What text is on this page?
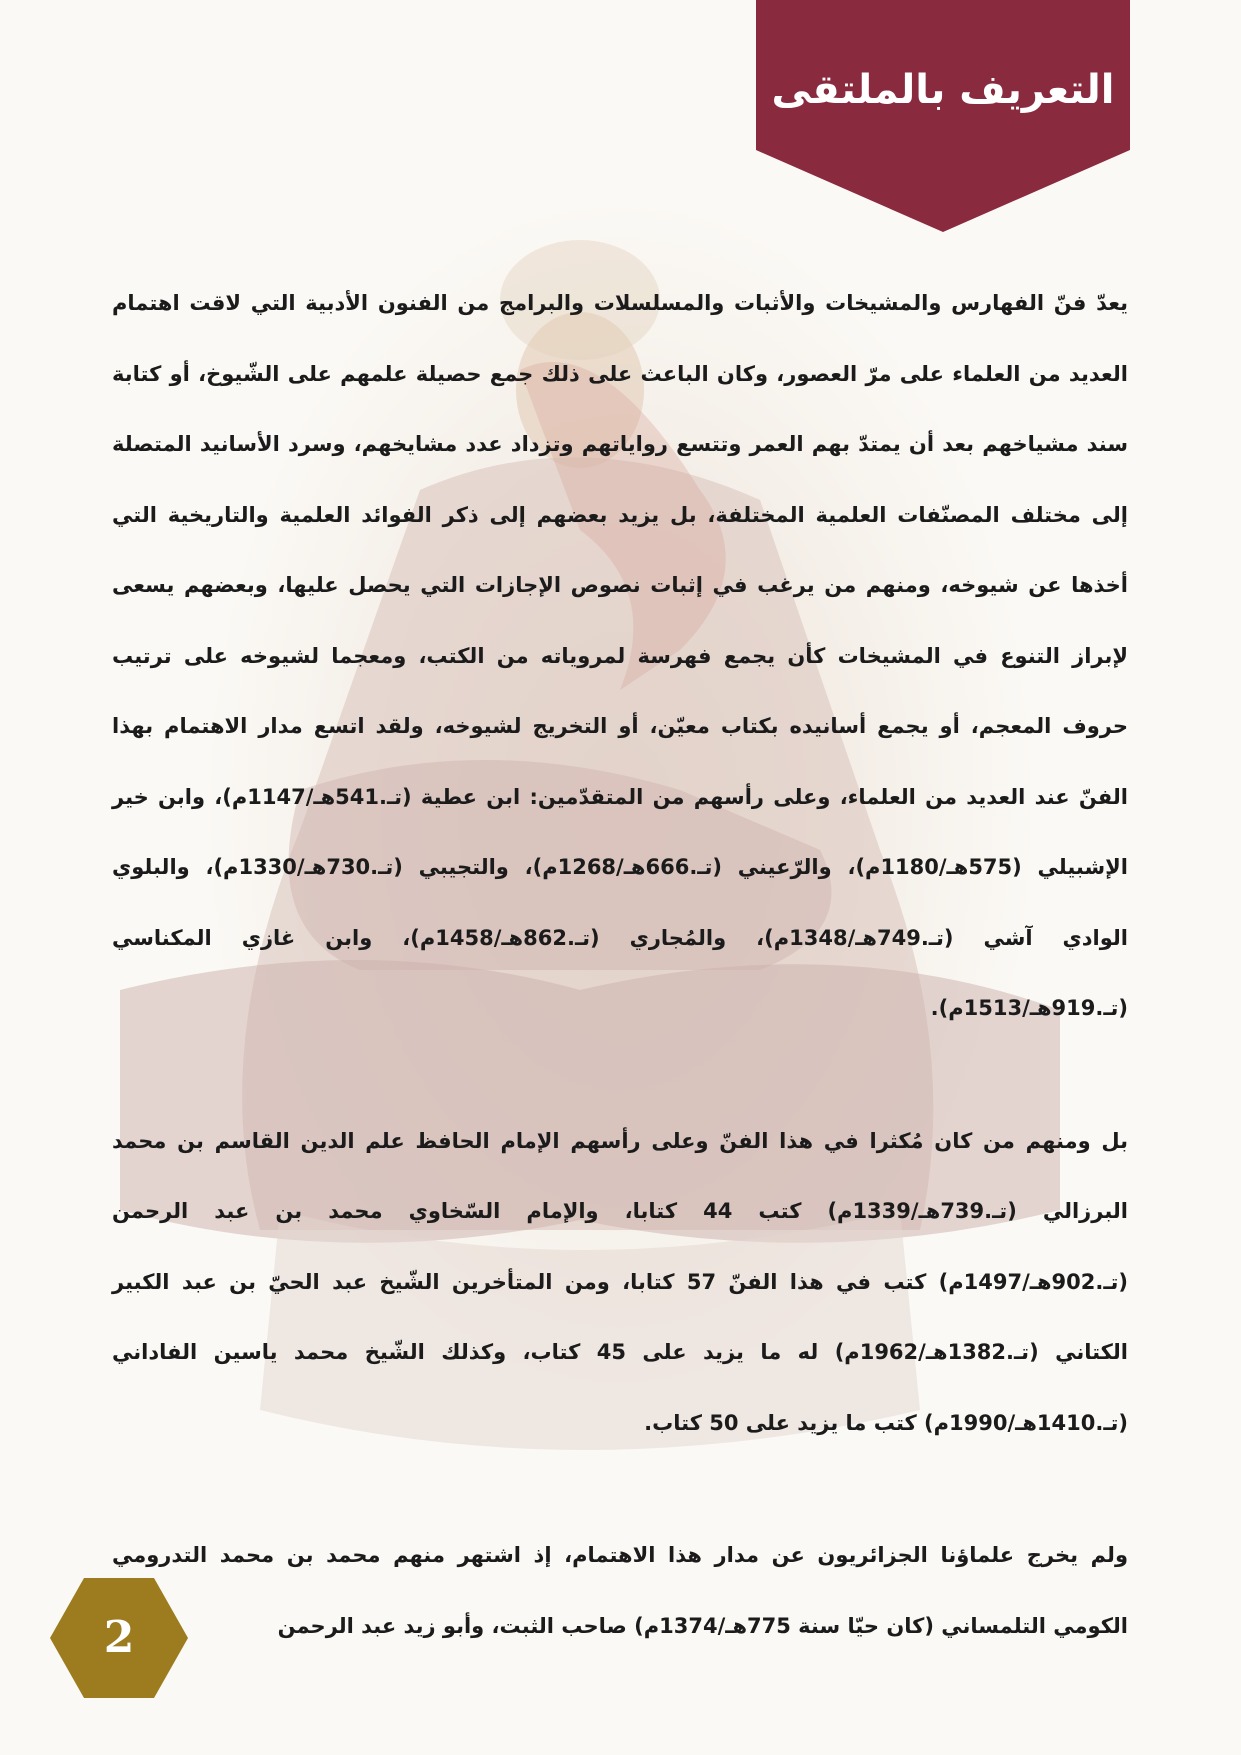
التعريف بالملتقى

يعدّ فنّ الفهارس والمشيخات والأثبات والمسلسلات والبرامج من الفنون الأدبية التي لاقت اهتمام العديد من العلماء على مرّ العصور، وكان الباعث على ذلك جمع حصيلة علمهم على الشّيوخ، أو كتابة سند مشياخهم بعد أن يمتدّ بهم العمر وتتسع رواياتهم وتزداد عدد مشايخهم، وسرد الأسانيد المتصلة إلى مختلف المصنّفات العلمية المختلفة، بل يزيد بعضهم إلى ذكر الفوائد العلمية والتاريخية التي أخذها عن شيوخه، ومنهم من يرغب في إثبات نصوص الإجازات التي يحصل عليها، وبعضهم يسعى لإبراز التنوع في المشيخات كأن يجمع فهرسة لمروياته من الكتب، ومعجما لشيوخه على ترتيب حروف المعجم، أو يجمع أسانيده بكتاب معيّن، أو التخريج لشيوخه، ولقد اتسع مدار الاهتمام بهذا الفنّ عند العديد من العلماء، وعلى رأسهم من المتقدّمين: ابن عطية (تـ.541هـ/1147م)، وابن خير الإشبيلي (575هـ/1180م)، والرّعيني (تـ.666هـ/1268م)، والتجيبي (تـ.730هـ/1330م)، والبلوي الوادي آشي (تـ.749هـ/1348م)، والمُجاري (تـ.862هـ/1458م)، وابن غازي المكناسي (تـ.919هـ/1513م).

بل ومنهم من كان مُكثرا في هذا الفنّ وعلى رأسهم الإمام الحافظ علم الدين القاسم بن محمد البرزالي (تـ.739هـ/1339م) كتب 44 كتابا، والإمام السّخاوي محمد بن عبد الرحمن (تـ.902هـ/1497م) كتب في هذا الفنّ 57 كتابا، ومن المتأخرين الشّيخ عبد الحيّ بن عبد الكبير الكتاني (تـ.1382هـ/1962م) له ما يزيد على 45 كتاب، وكذلك الشّيخ محمد ياسين الفاداني (تـ.1410هـ/1990م) كتب ما يزيد على 50 كتاب.

ولم يخرج علماؤنا الجزائريون عن مدار هذا الاهتمام، إذ اشتهر منهم محمد بن محمد التدرومي الكومي التلمساني (كان حيّا سنة 775هـ/1374م) صاحب الثبت، وأبو زيد عبد الرحمن

2
